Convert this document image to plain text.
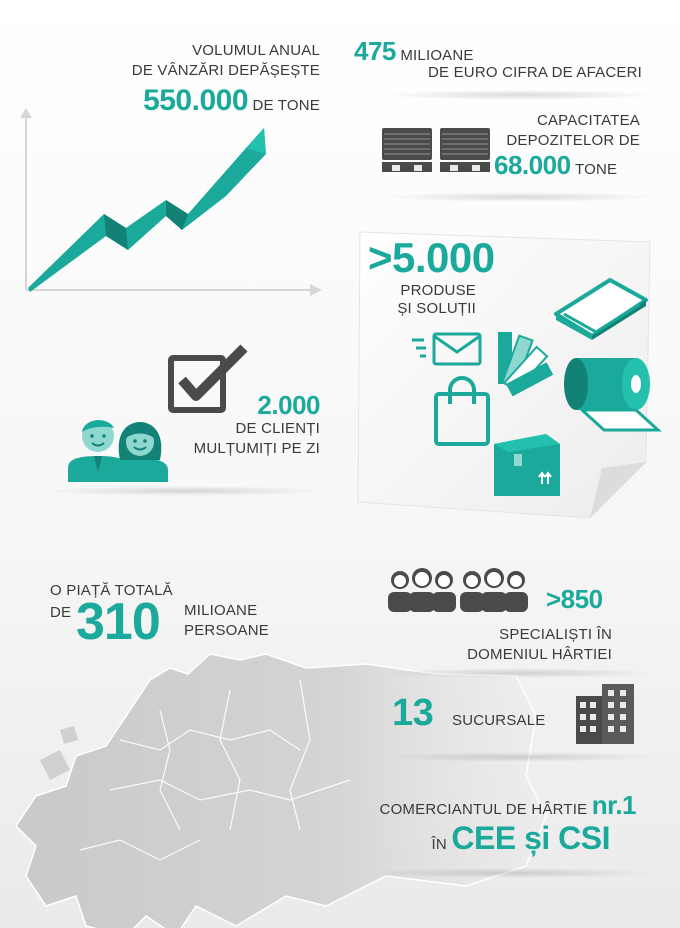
VOLUMUL ANUAL
DE VÂNZĂRI DEPĂȘEȘTE
550.000 DE TONE
475 MILIOANE
DE EURO CIFRA DE AFACERI
CAPACITATEA
DEPOZITELOR DE
68.000 TONE
>5.000
PRODUSE
ȘI SOLUȚII
2.000
DE CLIENȚI
MULȚUMIȚI PE ZI
O PIAȚĂ TOTALĂ
DE 310 MILIOANE
PERSOANE
>850
SPECIALIȘTI ÎN
DOMENIUL HÂRTIEI
13 SUCURSALE
COMERCIANTUL DE HÂRTIE nr.1
ÎN CEE și CSI
